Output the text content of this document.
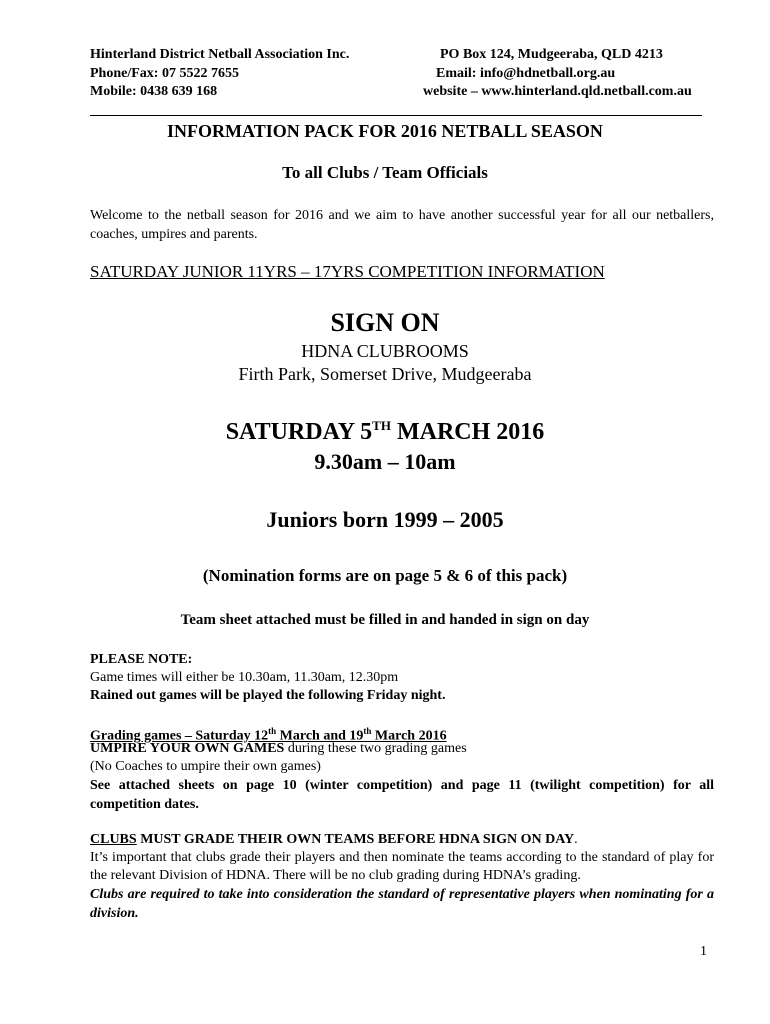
Hinterland District Netball Association Inc.
Phone/Fax: 07 5522 7655
Mobile: 0438 639 168
PO Box 124, Mudgeeraba, QLD 4213
Email: info@hdnetball.org.au
website – www.hinterland.qld.netball.com.au
INFORMATION PACK FOR 2016 NETBALL SEASON
To all Clubs / Team Officials
Welcome to the netball season for 2016 and we aim to have another successful year for all our netballers, coaches, umpires and parents.
SATURDAY JUNIOR 11YRS – 17YRS COMPETITION INFORMATION
SIGN ON
HDNA CLUBROOMS
Firth Park, Somerset Drive, Mudgeeraba
SATURDAY 5TH MARCH 2016
9.30am – 10am
Juniors born 1999 – 2005
(Nomination forms are on page 5 & 6 of this pack)
Team sheet attached must be filled in and handed in sign on day
PLEASE NOTE:
Game times will either be 10.30am, 11.30am, 12.30pm
Rained out games will be played the following Friday night.
Grading games – Saturday 12th March and 19th March 2016
UMPIRE YOUR OWN GAMES during these two grading games
(No Coaches to umpire their own games)
See attached sheets on page 10 (winter competition) and page 11 (twilight competition) for all competition dates.
CLUBS MUST GRADE THEIR OWN TEAMS BEFORE HDNA SIGN ON DAY.
It’s important that clubs grade their players and then nominate the teams according to the standard of play for the relevant Division of HDNA. There will be no club grading during HDNA’s grading.
Clubs are required to take into consideration the standard of representative players when nominating for a division.
1
